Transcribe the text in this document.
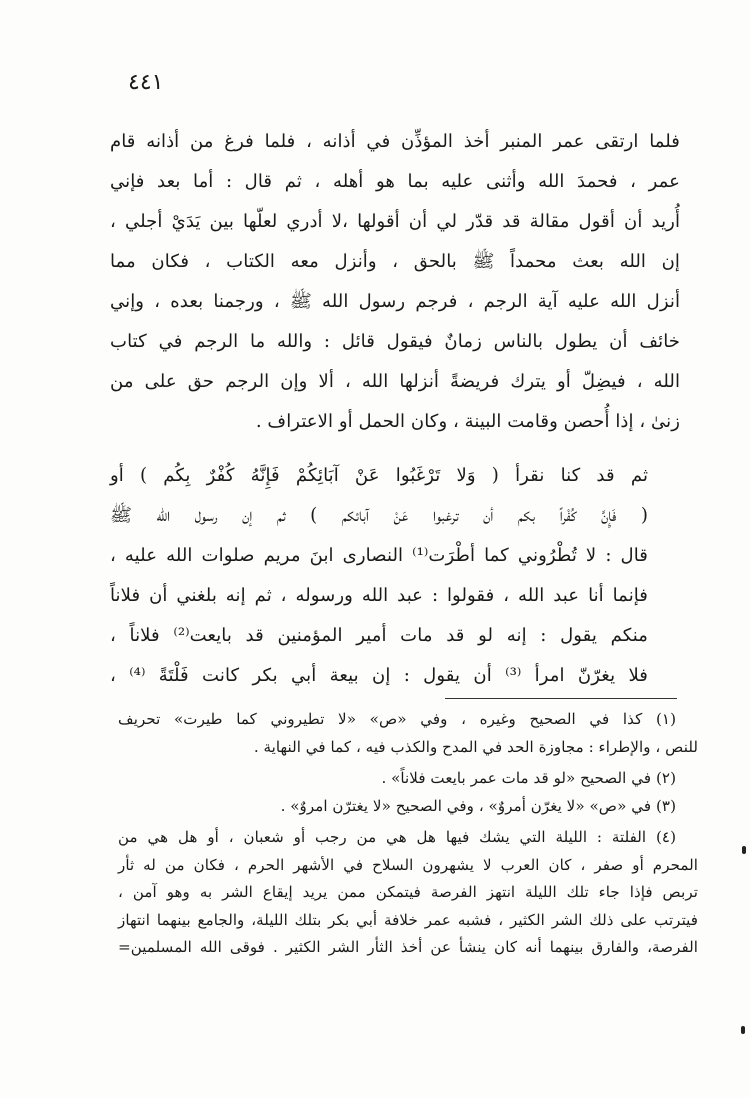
٤٤١

فلما ارتقى عمر المنبر أخذ المؤذِّن في أذانه ، فلما فرغ من أذانه قام
عمر ، فحمدَ الله وأثنى عليه بما هو أهله ، ثم قال : أما بعد فإني
أُريد أن أقول مقالة قد قدّر لي أن أقولها ،لا أدري لعلّها بين يَدَيْ أجلي ،
إن الله بعث محمداً ﷺ بالحق ، وأنزل معه الكتاب ، فكان مما
أنزل الله عليه آية الرجم ، فرجم رسول الله ﷺ ، ورجمنا بعده ، وإني
خائف أن يطول بالناس زمانٌ فيقول قائل : والله ما الرجم في كتاب
الله ، فيضِلّ أو يترك فريضةً أنزلها الله ، ألا وإن الرجم حق على من
زنىٰ ، إذا أُحصن وقامت البينة ، وكان الحمل أو الاعتراف .

ثم قد كنا نقرأ ( وَلا تَرْغَبُوا عَنْ آبَائِكُمْ فَإِنَّهُ كُفْرٌ بِكُم ) أو
( فَإِنَّ كُفْراً بكم أن ترغبوا عَنْ آبائكم ) ثم إن رسول الله ﷺ
قال : لا تُطْرُوني كما أطْرَت⁽¹⁾ النصارى ابنَ مريم صلوات الله عليه ،
فإنما أنا عبد الله ، فقولوا : عبد الله ورسوله ، ثم إنه بلغني أن فلاناً
منكم يقول : إنه لو قد مات أمير المؤمنين قد بايعت⁽²⁾ فلاناً ،
فلا يغرّنّ امرأ ⁽³⁾ أن يقول : إن بيعة أبي بكر كانت فَلْتَةً ⁽⁴⁾ ،

(١) كذا في الصحيح وغيره ، وفي «ص» «لا تطيروني كما طيرت» تحريف
للنص ، والإطراء : مجاوزة الحد في المدح والكذب فيه ، كما في النهاية .
(٢) في الصحيح «لو قد مات عمر بايعت فلاناً» .
(٣) في «ص» «لا يغرّن أمروٌ» ، وفي الصحيح «لا يغترّن امروٌ» .
(٤) الفلتة : الليلة التي يشك فيها هل هي من رجب أو شعبان ، أو هل هي من
المحرم أو صفر ، كان العرب لا يشهرون السلاح في الأشهر الحرم ، فكان من له ثأر
تربص فإذا جاء تلك الليلة انتهز الفرصة فيتمكن ممن يريد إيقاع الشر به وهو آمن ،
فيترتب على ذلك الشر الكثير ، فشبه عمر خلافة أبي بكر بتلك الليلة، والجامع بينهما انتهاز
الفرصة، والفارق بينهما أنه كان ينشأ عن أخذ الثأر الشر الكثير . فوقى الله المسلمين=
